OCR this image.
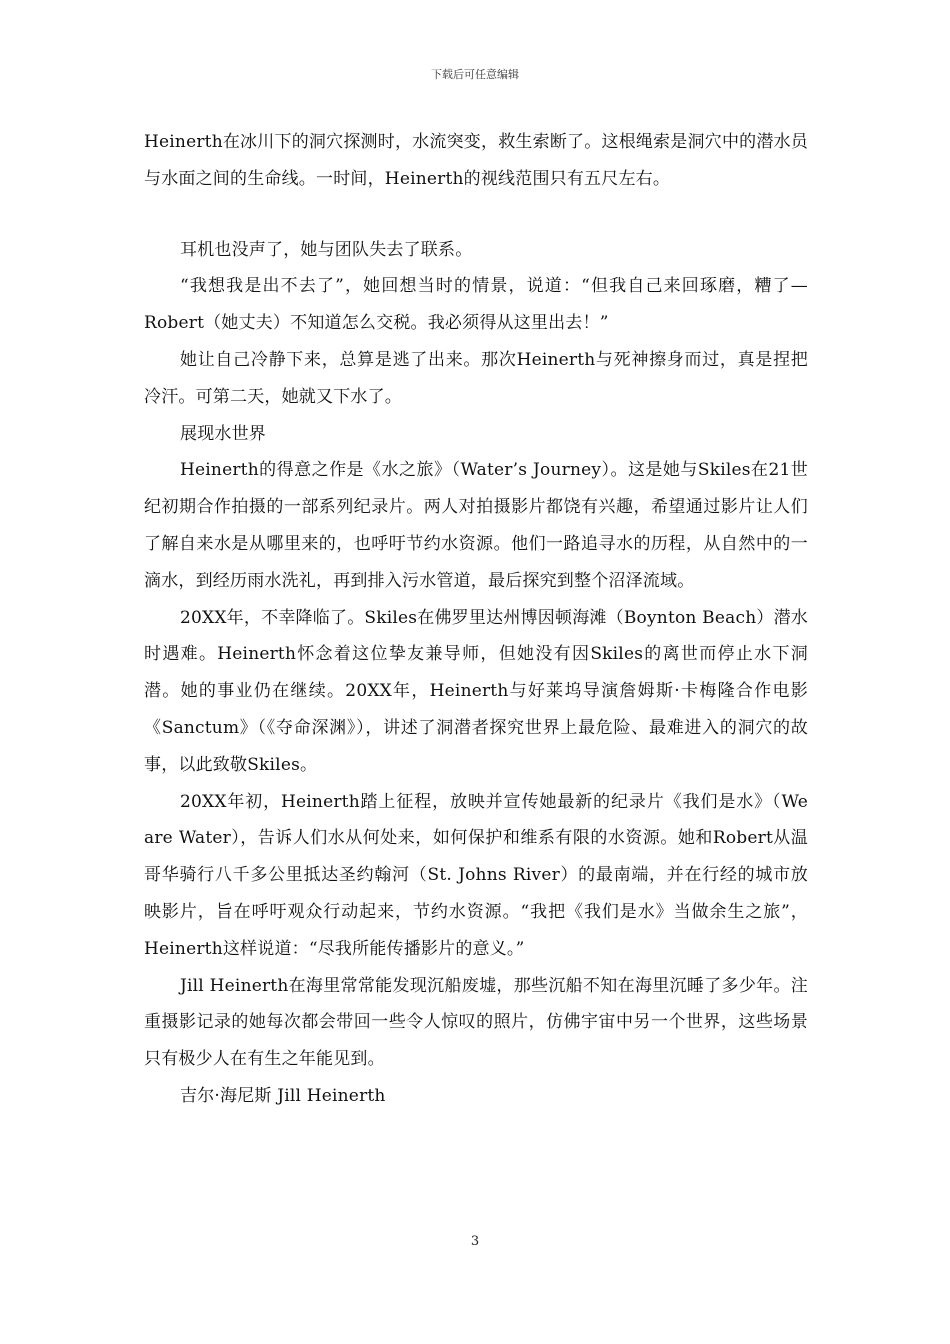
下载后可任意编辑

Heinerth在冰川下的洞穴探测时，水流突变，救生索断了。这根绳索是洞穴中的潜水员与水面之间的生命线。一时间，Heinerth的视线范围只有五尺左右。

耳机也没声了，她与团队失去了联系。

“我想我是出不去了”，她回想当时的情景，说道：“但我自己来回琢磨，糟了—Robert（她丈夫）不知道怎么交税。我必须得从这里出去！”

她让自己冷静下来，总算是逃了出来。那次Heinerth与死神擦身而过，真是捏把冷汗。可第二天，她就又下水了。

展现水世界

Heinerth的得意之作是《水之旅》（Water’s Journey）。这是她与Skiles在21世纪初期合作拍摄的一部系列纪录片。两人对拍摄影片都饶有兴趣，希望通过影片让人们了解自来水是从哪里来的，也呼吁节约水资源。他们一路追寻水的历程，从自然中的一滴水，到经历雨水洗礼，再到排入污水管道，最后探究到整个沼泽流域。

20XX年，不幸降临了。Skiles在佛罗里达州博因顿海滩（Boynton Beach）潜水时遇难。Heinerth怀念着这位挚友兼导师，但她没有因Skiles的离世而停止水下洞潜。她的事业仍在继续。20XX年，Heinerth与好莱坞导演詹姆斯·卡梅隆合作电影《Sanctum》（《夺命深渊》），讲述了洞潜者探究世界上最危险、最难进入的洞穴的故事，以此致敬Skiles。

20XX年初，Heinerth踏上征程，放映并宣传她最新的纪录片《我们是水》（We are Water），告诉人们水从何处来，如何保护和维系有限的水资源。她和Robert从温哥华骑行八千多公里抵达圣约翰河（St. Johns River）的最南端，并在行经的城市放映影片，旨在呼吁观众行动起来，节约水资源。“我把《我们是水》当做余生之旅”，Heinerth这样说道：“尽我所能传播影片的意义。”

Jill Heinerth在海里常常能发现沉船废墟，那些沉船不知在海里沉睡了多少年。注重摄影记录的她每次都会带回一些令人惊叹的照片，仿佛宇宙中另一个世界，这些场景只有极少人在有生之年能见到。

吉尔·海尼斯 Jill Heinerth

3
